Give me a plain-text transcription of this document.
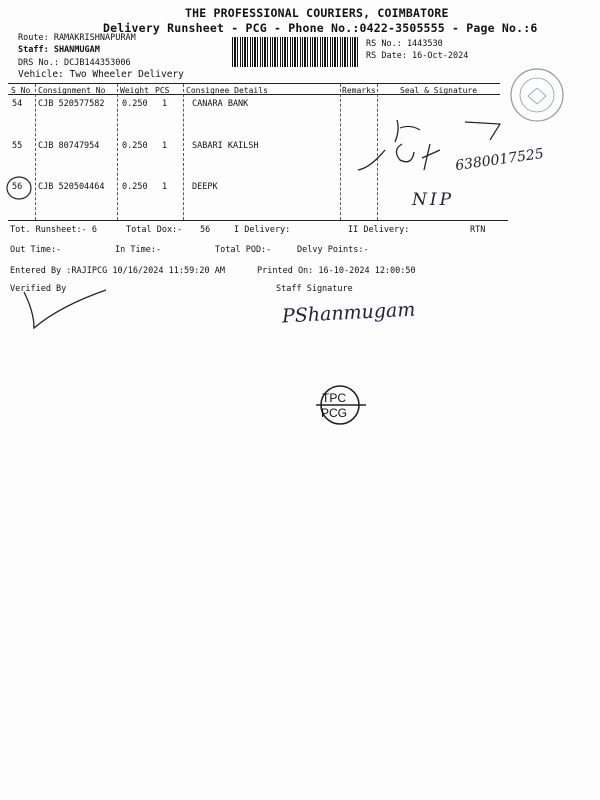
THE PROFESSIONAL COURIERS, COIMBATORE
Delivery Runsheet - PCG - Phone No.:0422-3505555 - Page No.:6
Route: RAMAKRISHNAPURAM
Staff: SHANMUGAM
DRS No.: DCJB144353006
Vehicle: Two Wheeler Delivery
RS No.: 1443530
RS Date: 16-Oct-2024
S No Consignment No Weight PCS Consignee Details	Remarks	Seal & Signature
54 CJB 520577582 0.250 1	CANARA BANK
55 CJB 80747954	0.250 1	SABARI KAILSH
56 CJB 520504464 0.250 1	DEEPK
6380017525
NIP
Tot. Runsheet:- 6	Total Dox:- 56	I Delivery:	II Delivery:	RTN
Out Time:-	In Time:-	Total POD:-	Delvy Points:-
Entered By :RAJIPCG 10/16/2024 11:59:20 AM	Printed On: 16-10-2024 12:00:50
Verified By	Staff Signature
PShanmugam
TPC
PCG
